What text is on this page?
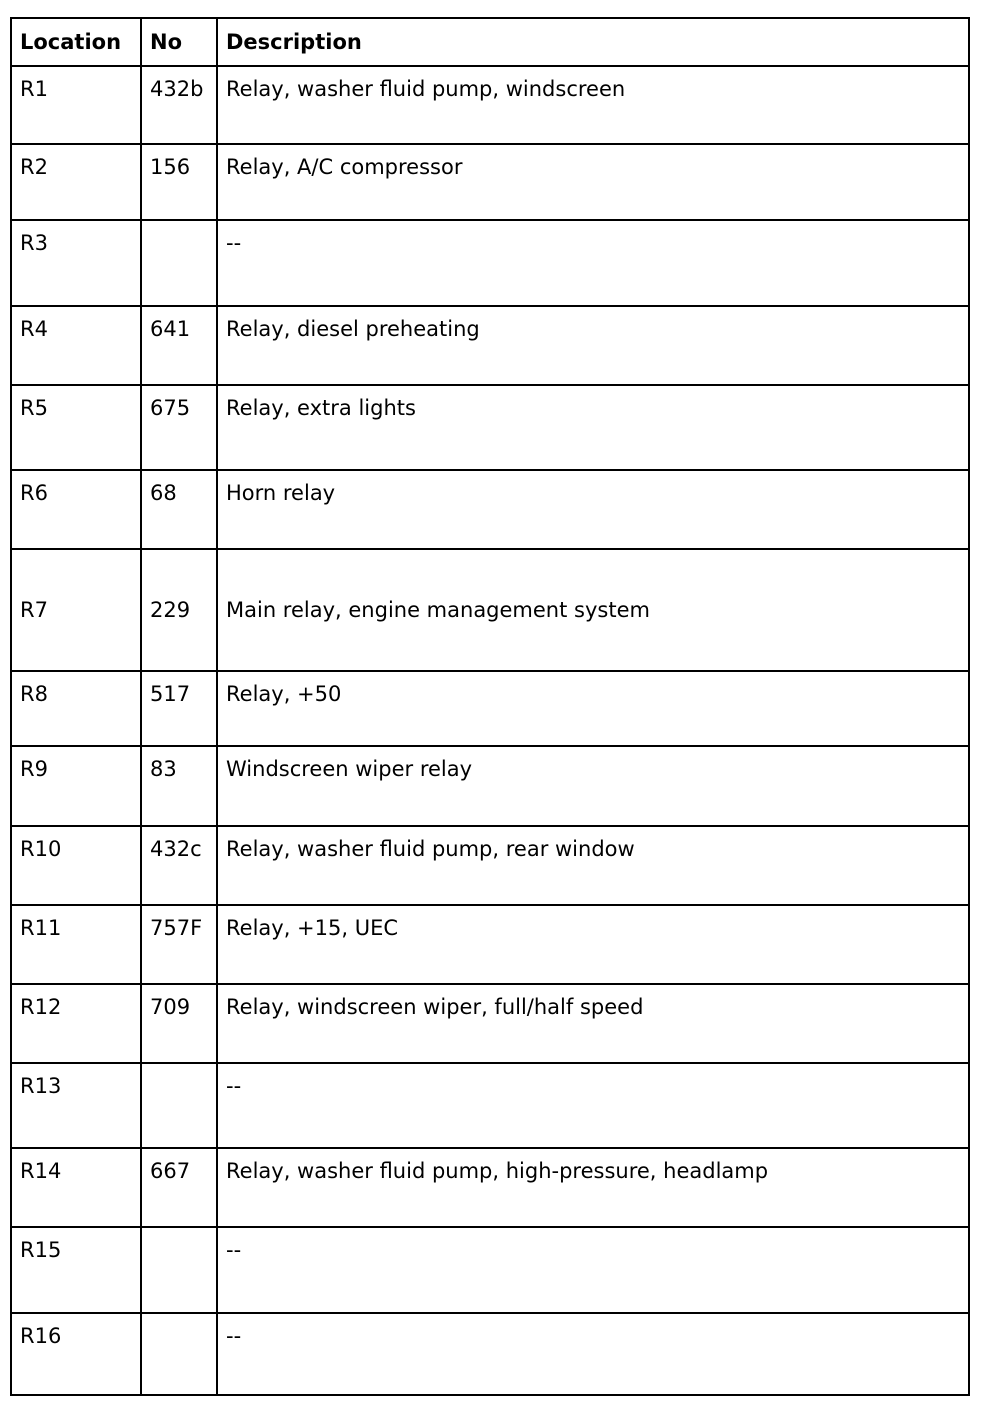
Location	No	Description
R1	432b	Relay, washer fluid pump, windscreen
R2	156	Relay, A/C compressor
R3		--
R4	641	Relay, diesel preheating
R5	675	Relay, extra lights
R6	68	Horn relay
R7	229	Main relay, engine management system
R8	517	Relay, +50
R9	83	Windscreen wiper relay
R10	432c	Relay, washer fluid pump, rear window
R11	757F	Relay, +15, UEC
R12	709	Relay, windscreen wiper, full/half speed
R13		--
R14	667	Relay, washer fluid pump, high-pressure, headlamp
R15		--
R16		--
